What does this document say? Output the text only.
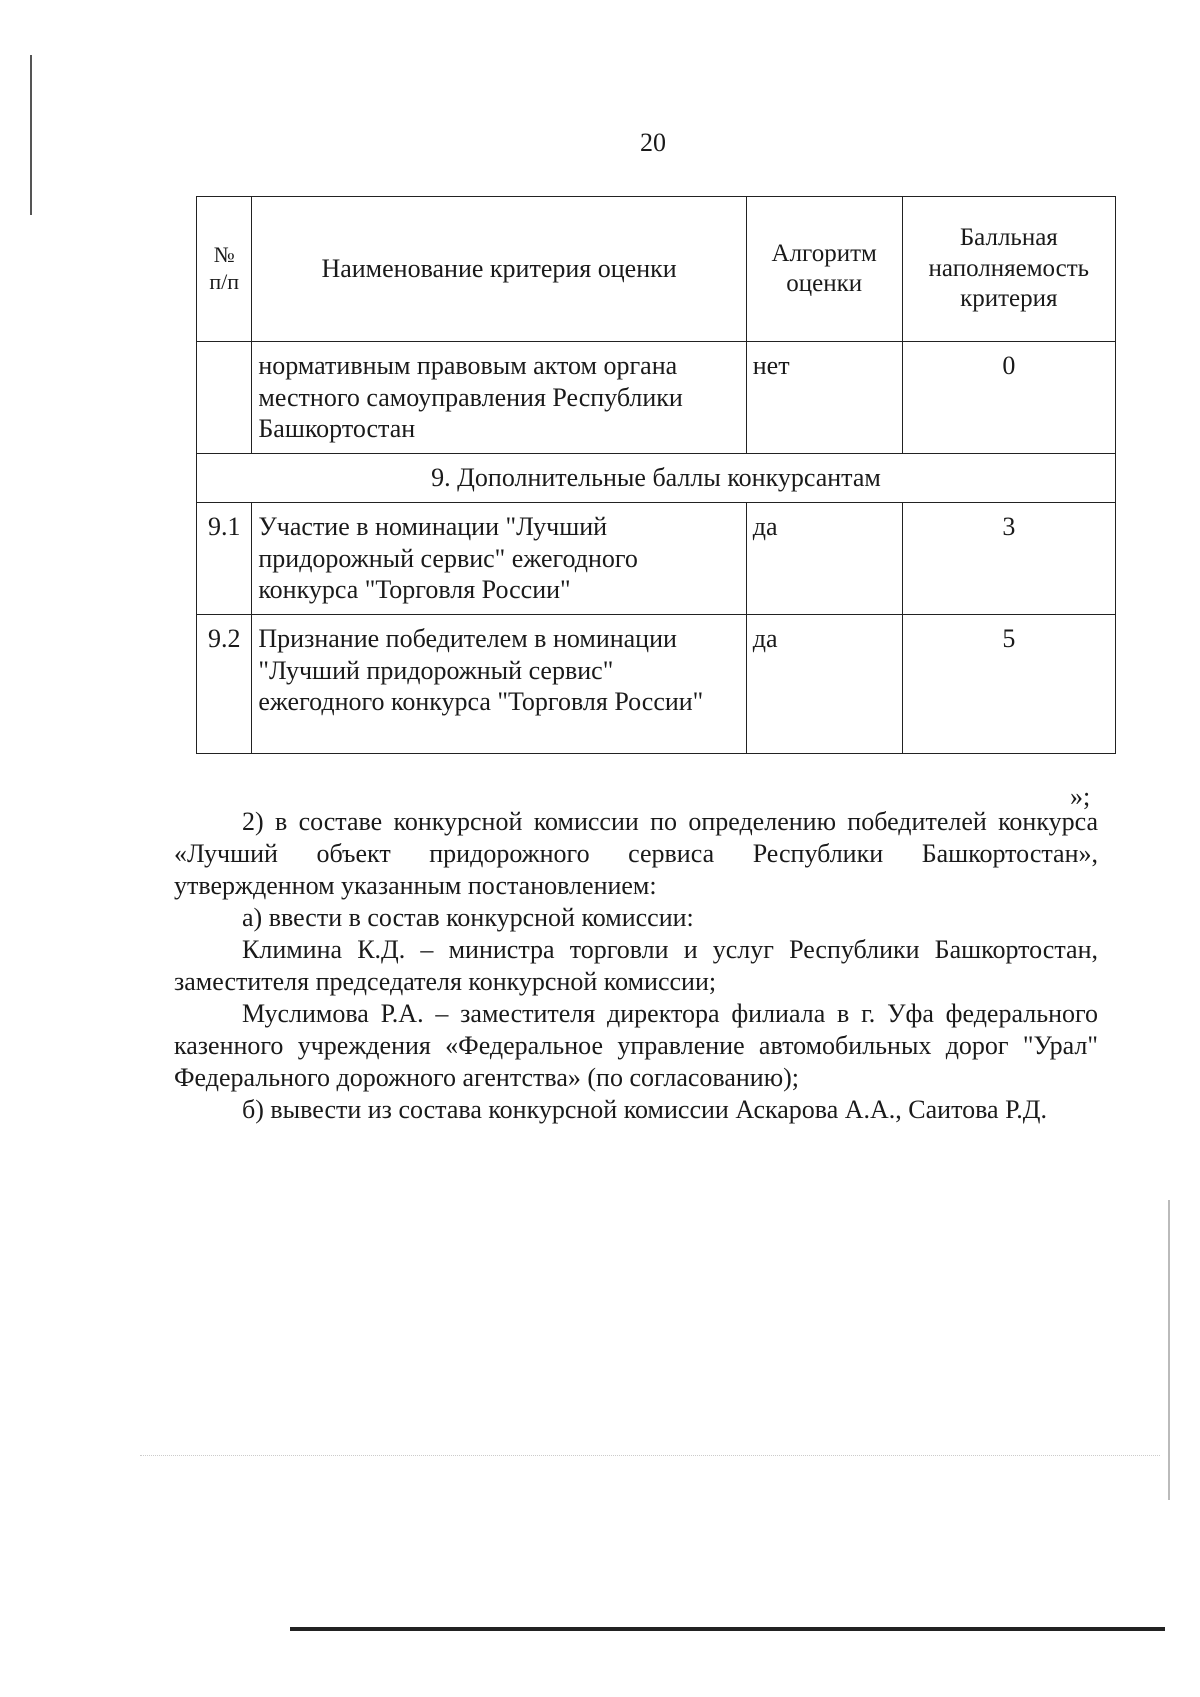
20
№ п/п	Наименование критерия оценки	Алгоритм оценки	Балльная наполняемость критерия
	нормативным правовым актом органа местного самоуправления Республики Башкортостан	нет	0
9. Дополнительные баллы конкурсантам			
9.1	Участие в номинации "Лучший придорожный сервис" ежегодного конкурса "Торговля России"	да	3
9.2	Признание победителем в номинации "Лучший придорожный сервис" ежегодного конкурса "Торговля России"	да	5
»;

2) в составе конкурсной комиссии по определению победителей конкурса «Лучший объект придорожного сервиса Республики Башкортостан», утвержденном указанным постановлением:

а) ввести в состав конкурсной комиссии:

Климина К.Д. – министра торговли и услуг Республики Башкортостан, заместителя председателя конкурсной комиссии;

Муслимова Р.А. – заместителя директора филиала в г. Уфа федерального казенного учреждения «Федеральное управление автомобильных дорог "Урал" Федерального дорожного агентства» (по согласованию);

б) вывести из состава конкурсной комиссии Аскарова А.А., Саитова Р.Д.
